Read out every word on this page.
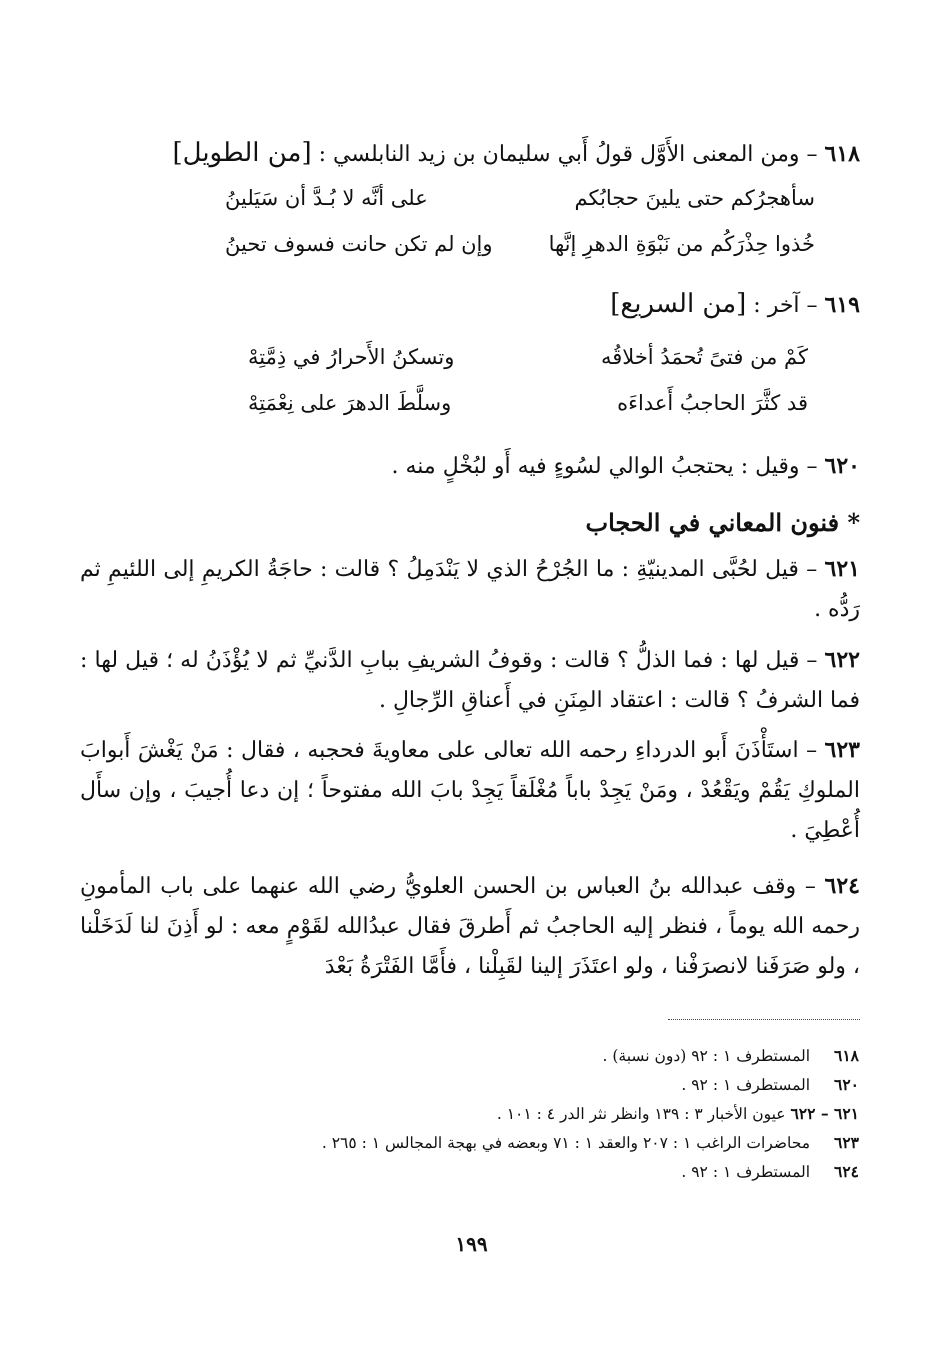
٦١٨ – ومن المعنى الأَوَّل قولُ أَبي سليمان بن زيد النابلسي : [من الطويل]
سأهجرُكم حتى يلينَ حجابُكم
على أنَّه لا بُـدَّ أن سَيَلينُ
خُذوا حِذْرَكُم من نَبْوَةِ الدهرِ إنَّها
وإن لم تكن حانت فسوف تحينُ
٦١٩ – آخر : [من السريع]
كَمْ من فتىً تُحمَدُ أخلاقُه
وتسكنُ الأَحرارُ في ذِمَّتِهْ
قد كثَّرَ الحاجبُ أَعداءَه
وسلَّطَ الدهرَ على نِعْمَتِهْ
٦٢٠ – وقيل : يحتجبُ الوالي لسُوءٍ فيه أَو لبُخْلٍ منه .
* فنون المعاني في الحجاب
٦٢١ – قيل لحُبَّى المدينيّةِ : ما الجُرْحُ الذي لا يَنْدَمِلُ ؟ قالت : حاجَةُ الكريمِ إلى اللئيمِ ثم رَدُّه .
٦٢٢ – قيل لها : فما الذلُّ ؟ قالت : وقوفُ الشريفِ ببابِ الدَّنيِّ ثم لا يُؤْذَنُ له ؛ قيل لها : فما الشرفُ ؟ قالت : اعتقاد المِنَنِ في أَعناقِ الرِّجالِ .
٦٢٣ – استَأْذَنَ أَبو الدرداءِ رحمه الله تعالى على معاويةَ فحجبه ، فقال : مَنْ يَغْشَ أَبوابَ الملوكِ يَقُمْ ويَقْعُدْ ، ومَنْ يَجِدْ باباً مُغْلَقاً يَجِدْ بابَ الله مفتوحاً ؛ إن دعا أُجيبَ ، وإن سأَل أُعْطِيَ .
٦٢٤ – وقف عبدالله بنُ العباس بن الحسن العلويُّ رضي الله عنهما على باب المأمونِ رحمه الله يوماً ، فنظر إليه الحاجبُ ثم أَطرقَ فقال عبدُالله لقَوْمٍ معه : لو أَذِنَ لنا لَدَخَلْنا ، ولو صَرَفَنا لانصرَفْنا ، ولو اعتَذَرَ إلينا لقَبِلْنا ، فأَمَّا الفَتْرَةُ بَعْدَ
٦١٨ المستطرف ١ : ٩٢ (دون نسبة) .
٦٢٠ المستطرف ١ : ٩٢ .
٦٢١ – ٦٢٢ عيون الأخبار ٣ : ١٣٩ وانظر نثر الدر ٤ : ١٠١ .
٦٢٣ محاضرات الراغب ١ : ٢٠٧ والعقد ١ : ٧١ وبعضه في بهجة المجالس ١ : ٢٦٥ .
٦٢٤ المستطرف ١ : ٩٢ .
١٩٩
